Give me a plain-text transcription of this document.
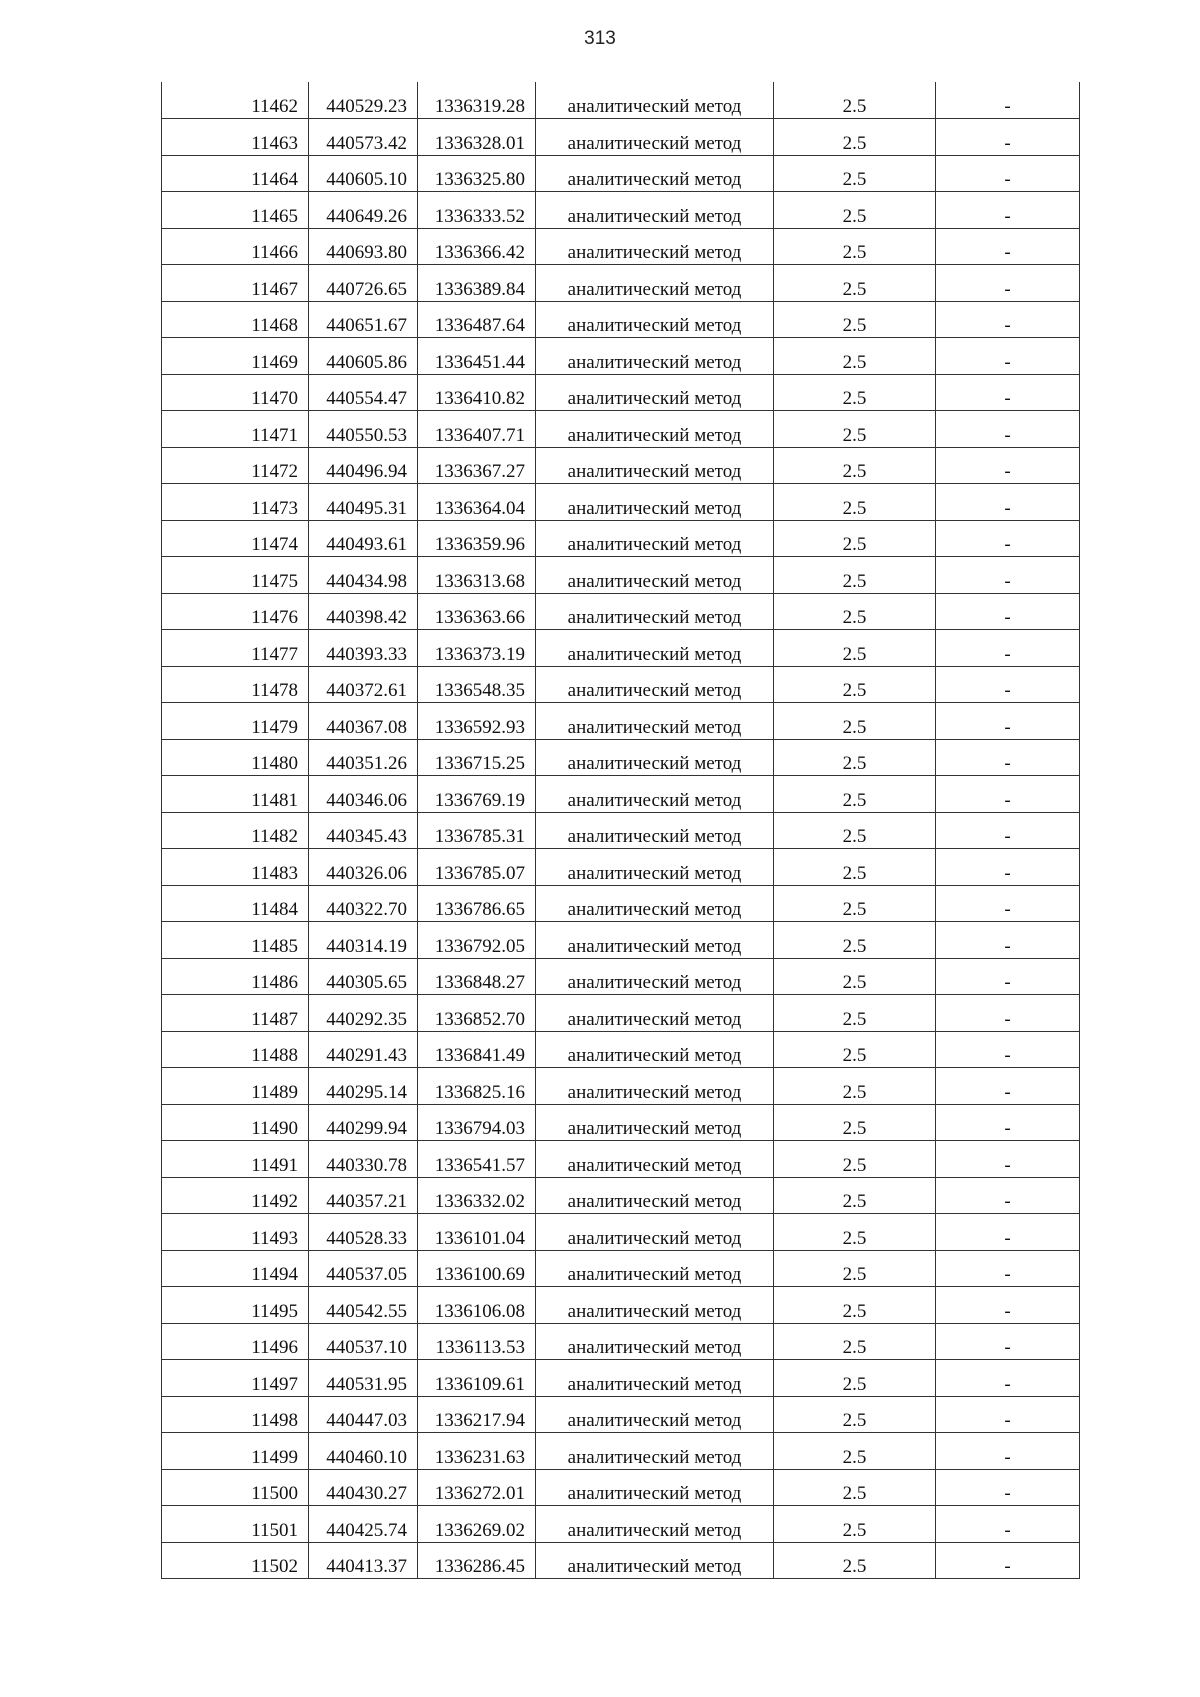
313
11462	440529.23	1336319.28	аналитический метод	2.5	-
11463	440573.42	1336328.01	аналитический метод	2.5	-
11464	440605.10	1336325.80	аналитический метод	2.5	-
11465	440649.26	1336333.52	аналитический метод	2.5	-
11466	440693.80	1336366.42	аналитический метод	2.5	-
11467	440726.65	1336389.84	аналитический метод	2.5	-
11468	440651.67	1336487.64	аналитический метод	2.5	-
11469	440605.86	1336451.44	аналитический метод	2.5	-
11470	440554.47	1336410.82	аналитический метод	2.5	-
11471	440550.53	1336407.71	аналитический метод	2.5	-
11472	440496.94	1336367.27	аналитический метод	2.5	-
11473	440495.31	1336364.04	аналитический метод	2.5	-
11474	440493.61	1336359.96	аналитический метод	2.5	-
11475	440434.98	1336313.68	аналитический метод	2.5	-
11476	440398.42	1336363.66	аналитический метод	2.5	-
11477	440393.33	1336373.19	аналитический метод	2.5	-
11478	440372.61	1336548.35	аналитический метод	2.5	-
11479	440367.08	1336592.93	аналитический метод	2.5	-
11480	440351.26	1336715.25	аналитический метод	2.5	-
11481	440346.06	1336769.19	аналитический метод	2.5	-
11482	440345.43	1336785.31	аналитический метод	2.5	-
11483	440326.06	1336785.07	аналитический метод	2.5	-
11484	440322.70	1336786.65	аналитический метод	2.5	-
11485	440314.19	1336792.05	аналитический метод	2.5	-
11486	440305.65	1336848.27	аналитический метод	2.5	-
11487	440292.35	1336852.70	аналитический метод	2.5	-
11488	440291.43	1336841.49	аналитический метод	2.5	-
11489	440295.14	1336825.16	аналитический метод	2.5	-
11490	440299.94	1336794.03	аналитический метод	2.5	-
11491	440330.78	1336541.57	аналитический метод	2.5	-
11492	440357.21	1336332.02	аналитический метод	2.5	-
11493	440528.33	1336101.04	аналитический метод	2.5	-
11494	440537.05	1336100.69	аналитический метод	2.5	-
11495	440542.55	1336106.08	аналитический метод	2.5	-
11496	440537.10	1336113.53	аналитический метод	2.5	-
11497	440531.95	1336109.61	аналитический метод	2.5	-
11498	440447.03	1336217.94	аналитический метод	2.5	-
11499	440460.10	1336231.63	аналитический метод	2.5	-
11500	440430.27	1336272.01	аналитический метод	2.5	-
11501	440425.74	1336269.02	аналитический метод	2.5	-
11502	440413.37	1336286.45	аналитический метод	2.5	-
